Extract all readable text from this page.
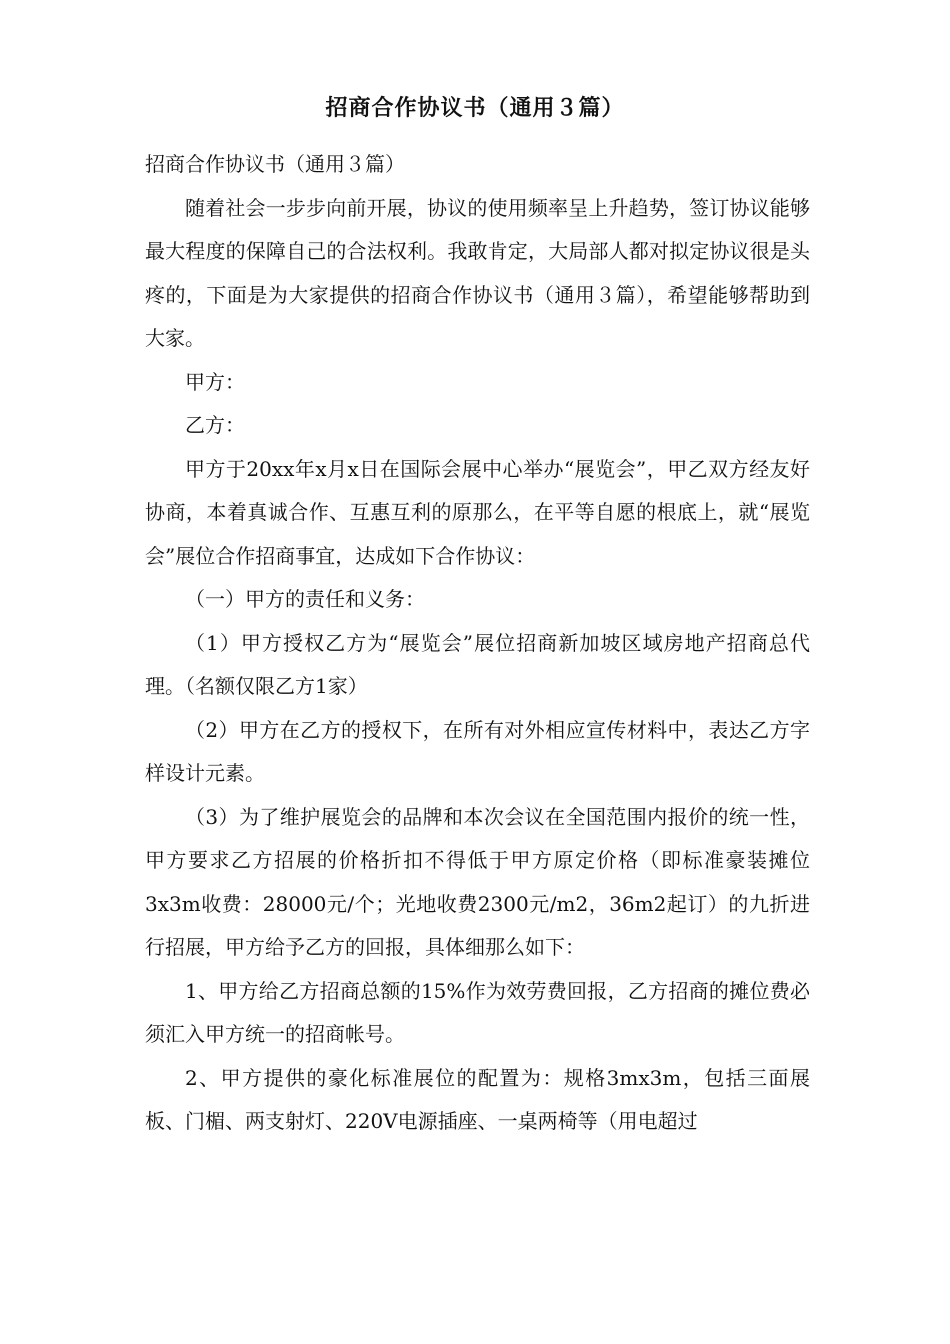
招商合作协议书（通用３篇）

招商合作协议书（通用３篇）

随着社会一步步向前开展，协议的使用频率呈上升趋势，签订协议能够最大程度的保障自己的合法权利。我敢肯定，大局部人都对拟定协议很是头疼的，下面是为大家提供的招商合作协议书（通用３篇），希望能够帮助到大家。

甲方：

乙方：

甲方于20xx年x月x日在国际会展中心举办“展览会”，甲乙双方经友好协商，本着真诚合作、互惠互利的原那么，在平等自愿的根底上，就“展览会”展位合作招商事宜，达成如下合作协议：

（一）甲方的责任和义务：

（1）甲方授权乙方为“展览会”展位招商新加坡区域房地产招商总代理。（名额仅限乙方1家）

（2）甲方在乙方的授权下，在所有对外相应宣传材料中，表达乙方字样设计元素。

（3）为了维护展览会的品牌和本次会议在全国范围内报价的统一性，甲方要求乙方招展的价格折扣不得低于甲方原定价格（即标准豪装摊位3x3m收费：28000元/个；光地收费2300元/m2，36m2起订）的九折进行招展，甲方给予乙方的回报，具体细那么如下：

1、甲方给乙方招商总额的15%作为效劳费回报，乙方招商的摊位费必须汇入甲方统一的招商帐号。

2、甲方提供的豪化标准展位的配置为：规格3mx3m，包括三面展板、门楣、两支射灯、220V电源插座、一桌两椅等（用电超过
